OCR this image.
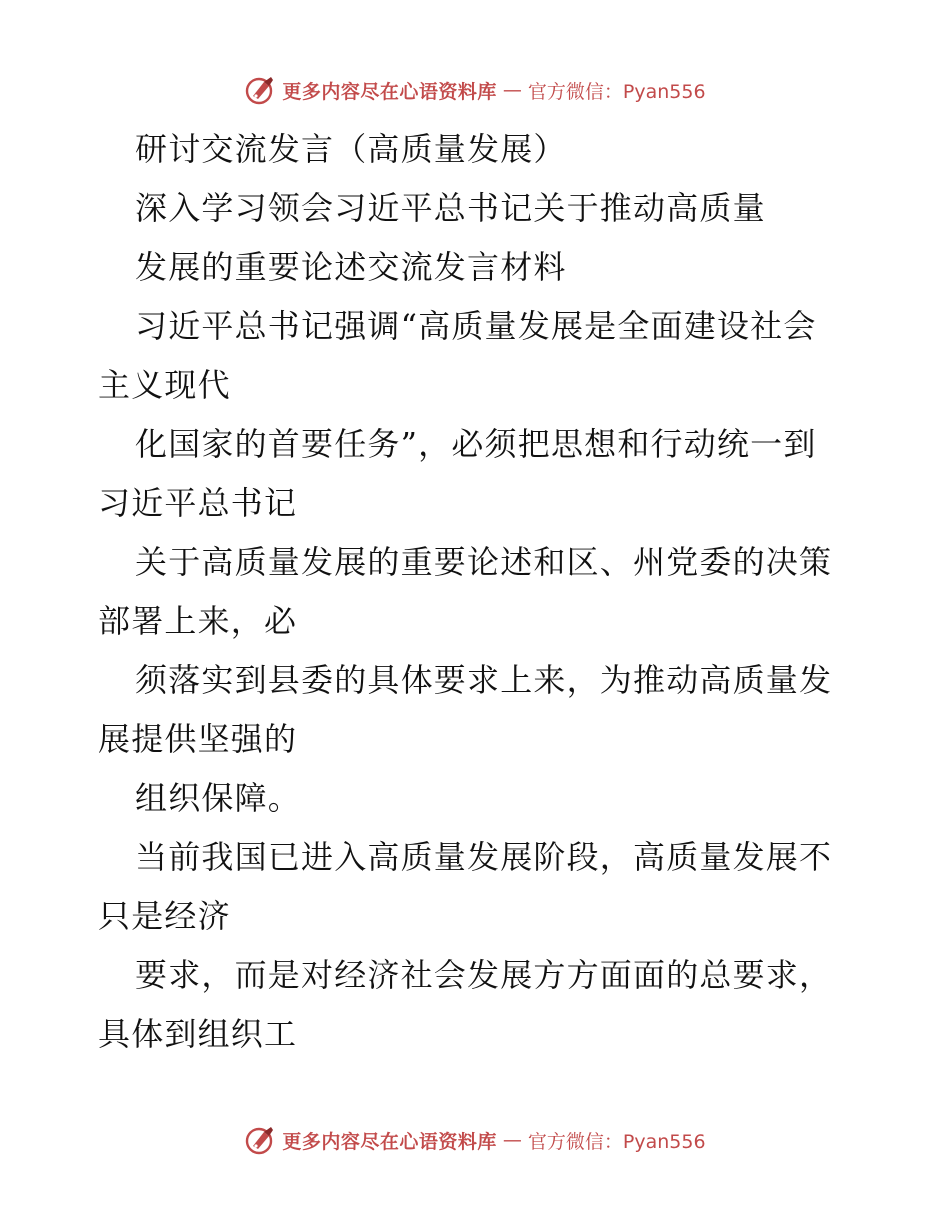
更多内容尽在心语资料库 — 官方微信：Pyan556
研讨交流发言（高质量发展）
深入学习领会习近平总书记关于推动高质量
发展的重要论述交流发言材料
习近平总书记强调“高质量发展是全面建设社会
主义现代
化国家的首要任务”，必须把思想和行动统一到
习近平总书记
关于高质量发展的重要论述和区、州党委的决策
部署上来，必
须落实到县委的具体要求上来，为推动高质量发
展提供坚强的
组织保障。
当前我国已进入高质量发展阶段，高质量发展不
只是经济
要求，而是对经济社会发展方方面面的总要求，
具体到组织工
更多内容尽在心语资料库 — 官方微信：Pyan556
